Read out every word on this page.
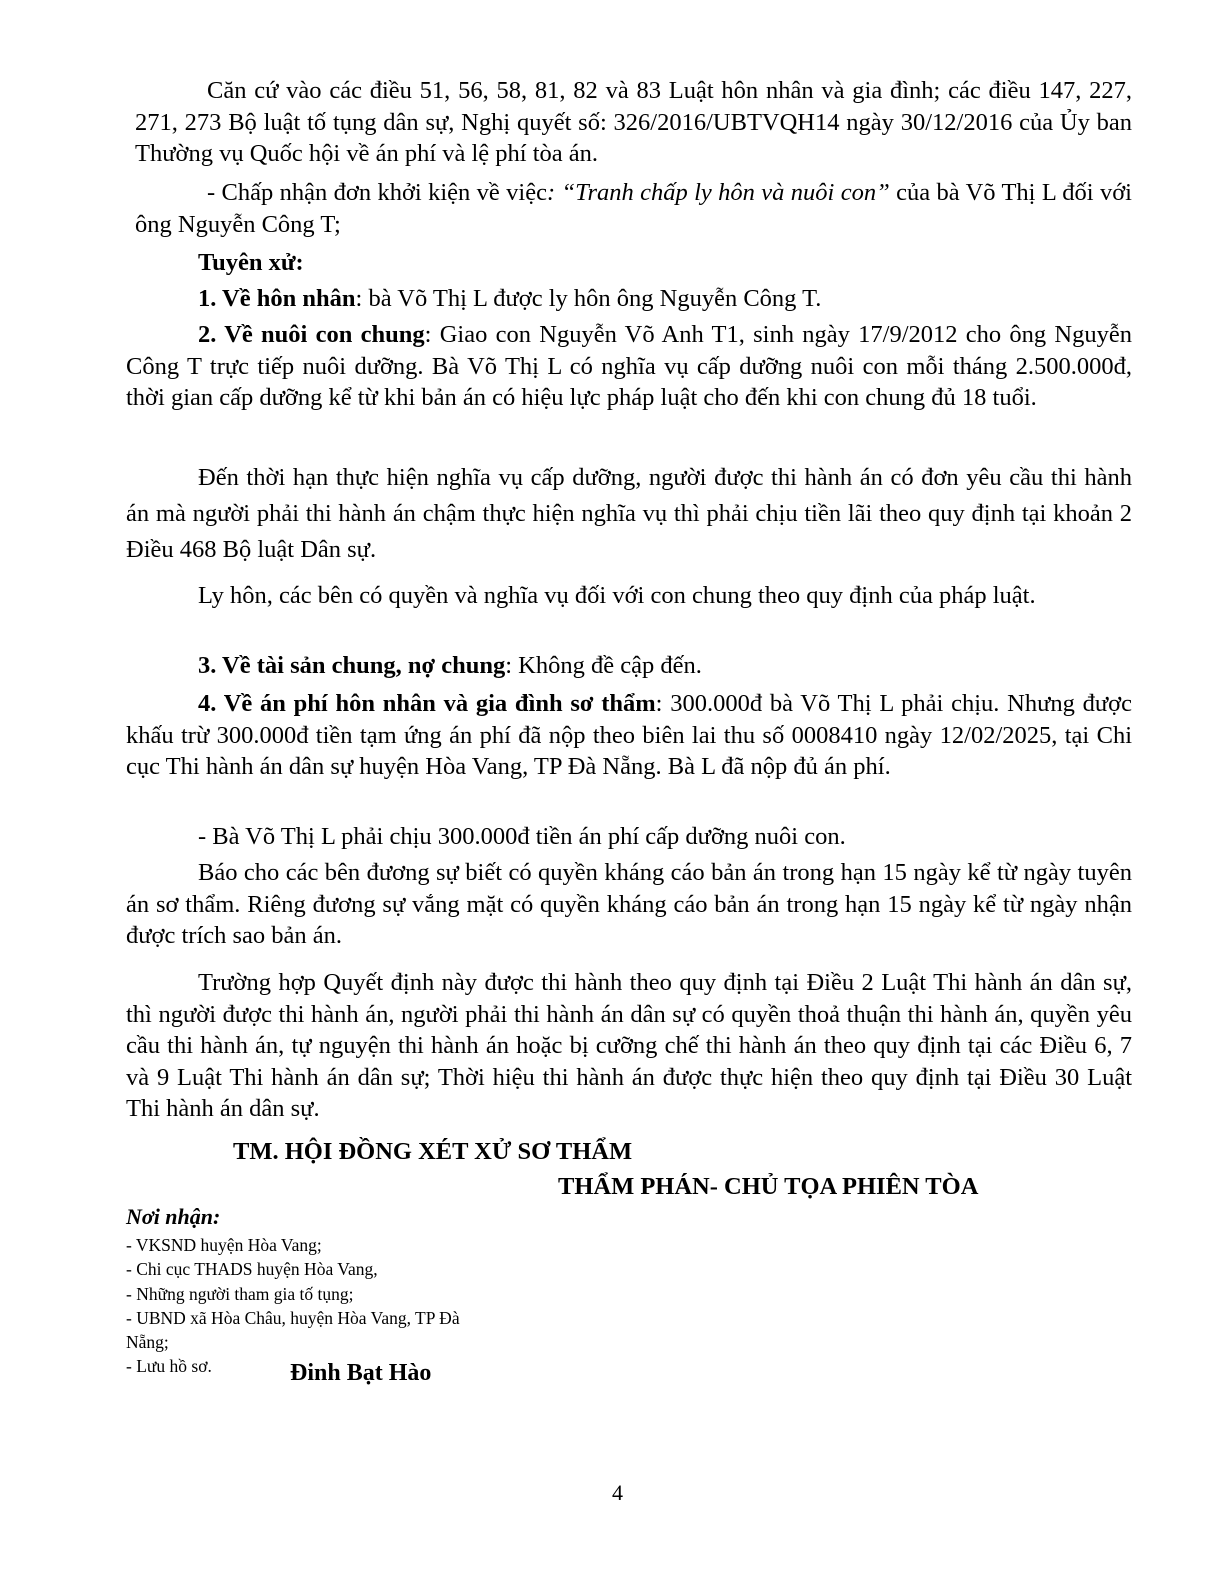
Căn cứ vào các điều 51, 56, 58, 81, 82 và 83 Luật hôn nhân và gia đình; các điều 147, 227, 271, 273 Bộ luật tố tụng dân sự, Nghị quyết số: 326/2016/UBTVQH14 ngày 30/12/2016 của Ủy ban Thường vụ Quốc hội về án phí và lệ phí tòa án.

- Chấp nhận đơn khởi kiện về việc: “Tranh chấp ly hôn và nuôi con” của bà Võ Thị L đối với ông Nguyễn Công T;

Tuyên xử:

1. Về hôn nhân: bà Võ Thị L được ly hôn ông Nguyễn Công T.

2. Về nuôi con chung: Giao con Nguyễn Võ Anh T1, sinh ngày 17/9/2012 cho ông Nguyễn Công T trực tiếp nuôi dưỡng. Bà Võ Thị L có nghĩa vụ cấp dưỡng nuôi con mỗi tháng 2.500.000đ, thời gian cấp dưỡng kể từ khi bản án có hiệu lực pháp luật cho đến khi con chung đủ 18 tuổi.

Đến thời hạn thực hiện nghĩa vụ cấp dưỡng, người được thi hành án có đơn yêu cầu thi hành án mà người phải thi hành án chậm thực hiện nghĩa vụ thì phải chịu tiền lãi theo quy định tại khoản 2 Điều 468 Bộ luật Dân sự.

Ly hôn, các bên có quyền và nghĩa vụ đối với con chung theo quy định của pháp luật.

3. Về tài sản chung, nợ chung: Không đề cập đến.

4. Về án phí hôn nhân và gia đình sơ thẩm: 300.000đ bà Võ Thị L phải chịu. Nhưng được khấu trừ 300.000đ tiền tạm ứng án phí đã nộp theo biên lai thu số 0008410 ngày 12/02/2025, tại Chi cục Thi hành án dân sự huyện Hòa Vang, TP Đà Nẵng. Bà L đã nộp đủ án phí.

- Bà Võ Thị L phải chịu 300.000đ tiền án phí cấp dưỡng nuôi con.

Báo cho các bên đương sự biết có quyền kháng cáo bản án trong hạn 15 ngày kể từ ngày tuyên án sơ thẩm. Riêng đương sự vắng mặt có quyền kháng cáo bản án trong hạn 15 ngày kể từ ngày nhận được trích sao bản án.

Trường hợp Quyết định này được thi hành theo quy định tại Điều 2 Luật Thi hành án dân sự, thì người được thi hành án, người phải thi hành án dân sự có quyền thoả thuận thi hành án, quyền yêu cầu thi hành án, tự nguyện thi hành án hoặc bị cưỡng chế thi hành án theo quy định tại các Điều 6, 7 và 9 Luật Thi hành án dân sự; Thời hiệu thi hành án được thực hiện theo quy định tại Điều 30 Luật Thi hành án dân sự.

TM. HỘI ĐỒNG XÉT XỬ SƠ THẨM
THẨM PHÁN- CHỦ TỌA PHIÊN TÒA
Nơi nhận:
- VKSND huyện Hòa Vang;
- Chi cục THADS huyện Hòa Vang,
- Những người tham gia tố tụng;
- UBND xã Hòa Châu, huyện Hòa Vang, TP Đà Nẵng;
- Lưu hồ sơ.	Đinh Bạt Hào
4
